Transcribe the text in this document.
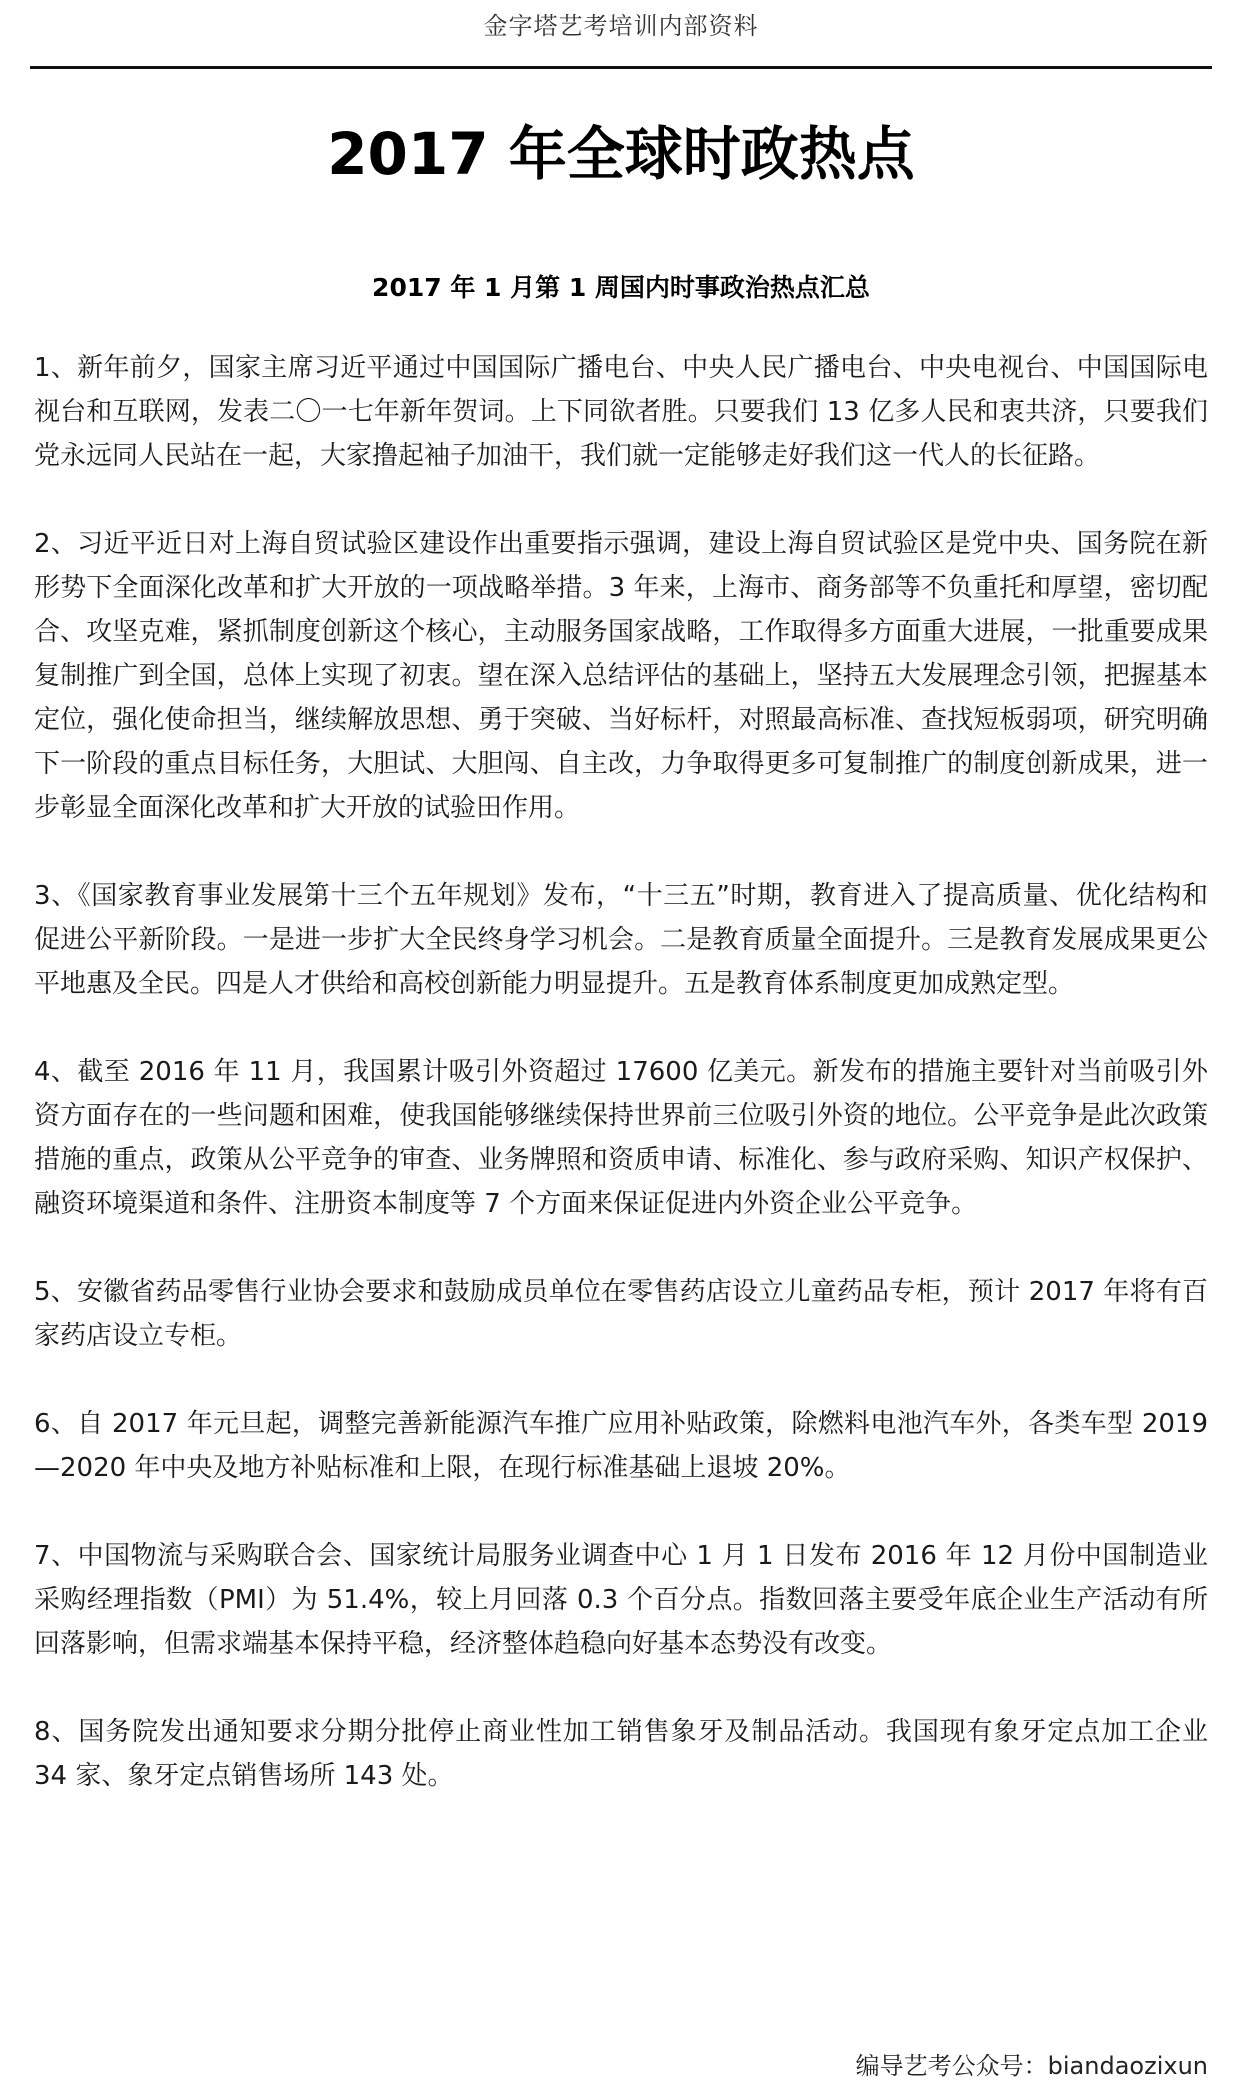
金字塔艺考培训内部资料
2017 年全球时政热点
2017 年 1 月第 1 周国内时事政治热点汇总
1、新年前夕，国家主席习近平通过中国国际广播电台、中央人民广播电台、中央电视台、中国国际电视台和互联网，发表二〇一七年新年贺词。上下同欲者胜。只要我们 13 亿多人民和衷共济，只要我们党永远同人民站在一起，大家撸起袖子加油干，我们就一定能够走好我们这一代人的长征路。
2、习近平近日对上海自贸试验区建设作出重要指示强调，建设上海自贸试验区是党中央、国务院在新形势下全面深化改革和扩大开放的一项战略举措。3 年来，上海市、商务部等不负重托和厚望，密切配合、攻坚克难，紧抓制度创新这个核心，主动服务国家战略，工作取得多方面重大进展，一批重要成果复制推广到全国，总体上实现了初衷。望在深入总结评估的基础上，坚持五大发展理念引领，把握基本定位，强化使命担当，继续解放思想、勇于突破、当好标杆，对照最高标准、查找短板弱项，研究明确下一阶段的重点目标任务，大胆试、大胆闯、自主改，力争取得更多可复制推广的制度创新成果，进一步彰显全面深化改革和扩大开放的试验田作用。
3、《国家教育事业发展第十三个五年规划》发布，“十三五”时期，教育进入了提高质量、优化结构和促进公平新阶段。一是进一步扩大全民终身学习机会。二是教育质量全面提升。三是教育发展成果更公平地惠及全民。四是人才供给和高校创新能力明显提升。五是教育体系制度更加成熟定型。
4、截至 2016 年 11 月，我国累计吸引外资超过 17600 亿美元。新发布的措施主要针对当前吸引外资方面存在的一些问题和困难，使我国能够继续保持世界前三位吸引外资的地位。公平竞争是此次政策措施的重点，政策从公平竞争的审查、业务牌照和资质申请、标准化、参与政府采购、知识产权保护、融资环境渠道和条件、注册资本制度等 7 个方面来保证促进内外资企业公平竞争。
5、安徽省药品零售行业协会要求和鼓励成员单位在零售药店设立儿童药品专柜，预计 2017 年将有百家药店设立专柜。
6、自 2017 年元旦起，调整完善新能源汽车推广应用补贴政策，除燃料电池汽车外，各类车型 2019—2020 年中央及地方补贴标准和上限，在现行标准基础上退坡 20%。
7、中国物流与采购联合会、国家统计局服务业调查中心 1 月 1 日发布 2016 年 12 月份中国制造业采购经理指数（PMI）为 51.4%，较上月回落 0.3 个百分点。指数回落主要受年底企业生产活动有所回落影响，但需求端基本保持平稳，经济整体趋稳向好基本态势没有改变。
8、国务院发出通知要求分期分批停止商业性加工销售象牙及制品活动。我国现有象牙定点加工企业 34 家、象牙定点销售场所 143 处。
编导艺考公众号：biandaozixun
